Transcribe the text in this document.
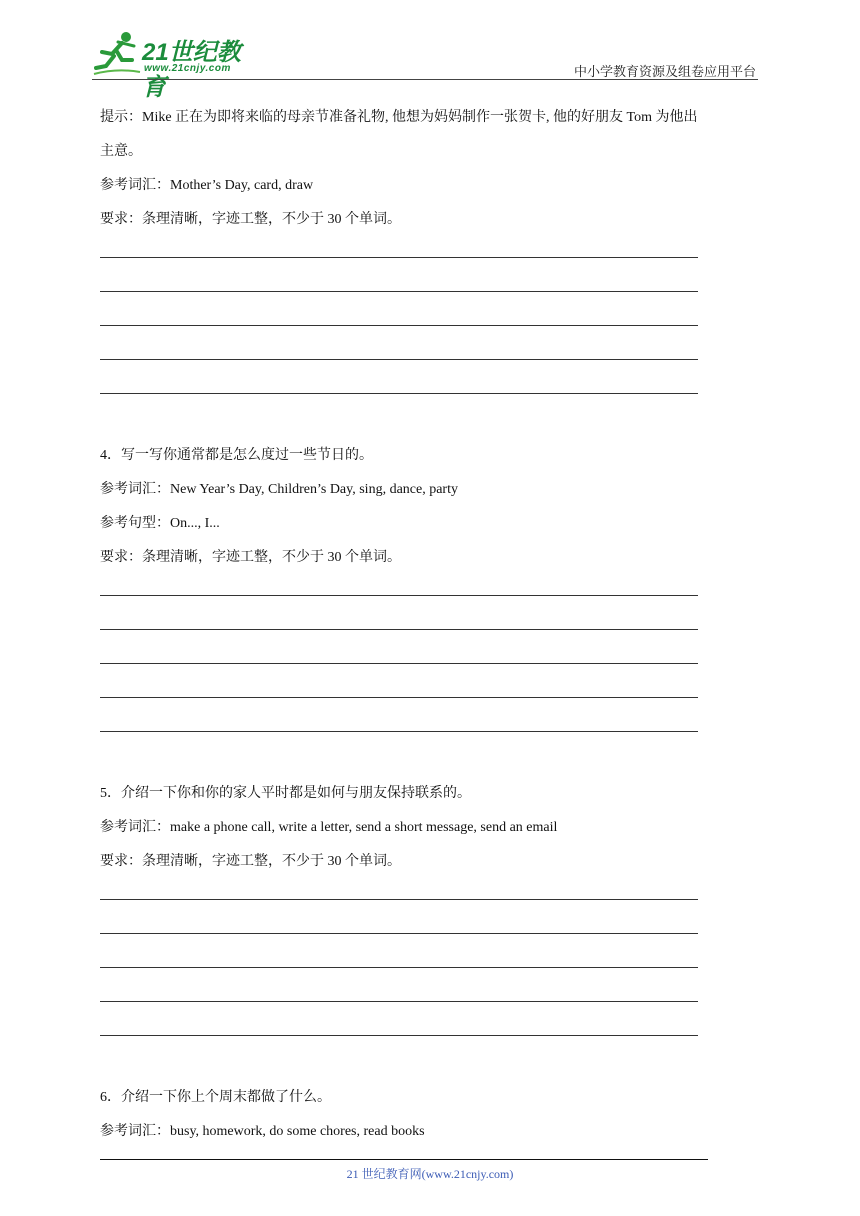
21世纪教育
www.21cnjy.com	中小学教育资源及组卷应用平台
提示：Mike 正在为即将来临的母亲节准备礼物, 他想为妈妈制作一张贺卡, 他的好朋友 Tom 为他出
主意。
参考词汇：Mother’s Day, card, draw
要求：条理清晰，字迹工整，不少于 30 个单词。
4．写一写你通常都是怎么度过一些节日的。
参考词汇：New Year’s Day, Children’s Day, sing, dance, party
参考句型：On..., I...
要求：条理清晰，字迹工整，不少于 30 个单词。
5．介绍一下你和你的家人平时都是如何与朋友保持联系的。
参考词汇：make a phone call, write a letter, send a short message, send an email
要求：条理清晰，字迹工整，不少于 30 个单词。
6．介绍一下你上个周末都做了什么。
参考词汇：busy, homework, do some chores, read books
21 世纪教育网(www.21cnjy.com)
